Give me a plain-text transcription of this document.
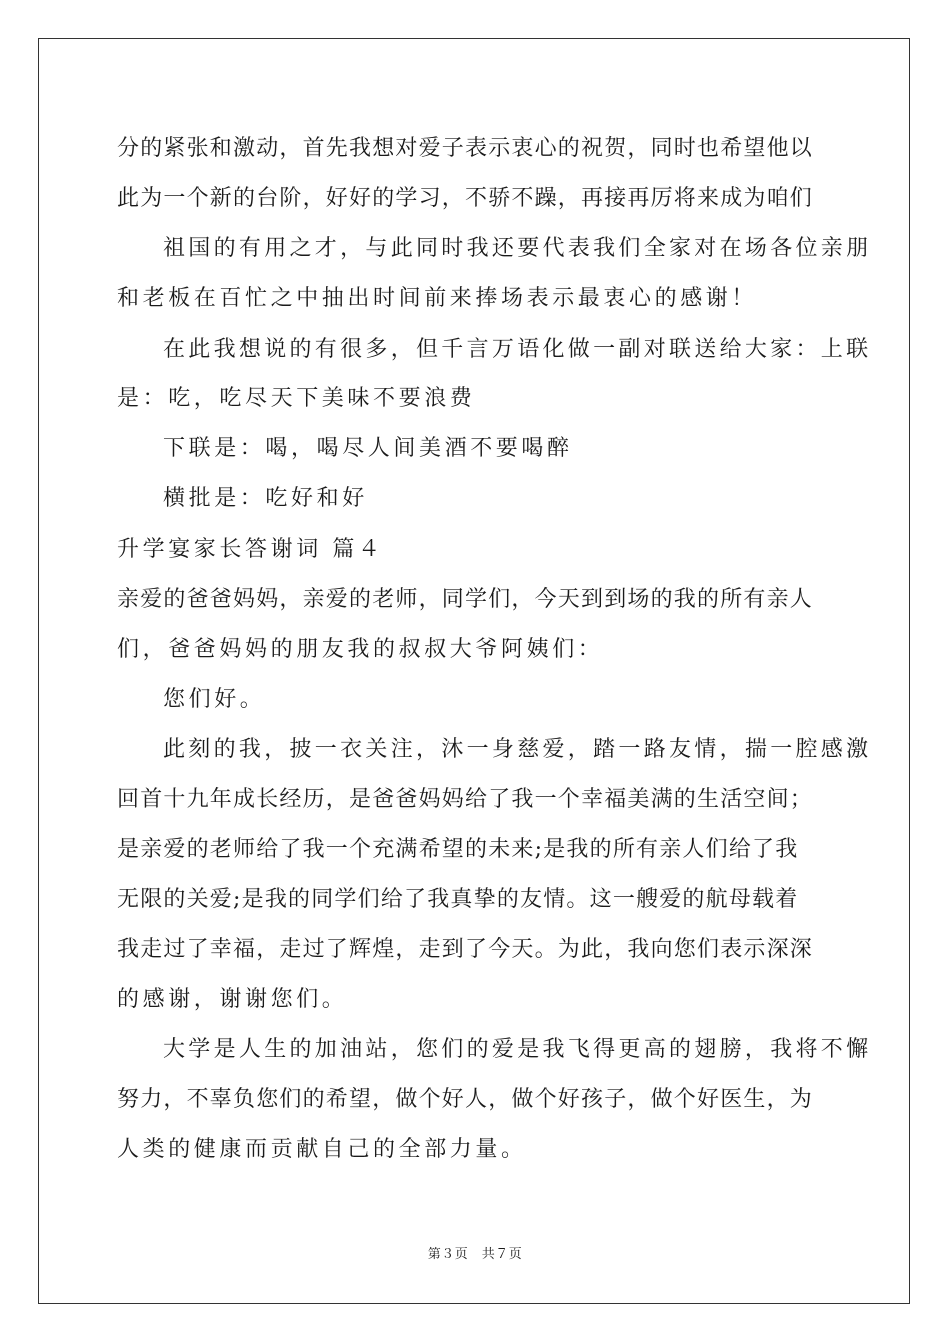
分的紧张和激动，首先我想对爱子表示衷心的祝贺，同时也希望他以
此为一个新的台阶，好好的学习，不骄不躁，再接再厉将来成为咱们
祖国的有用之才，与此同时我还要代表我们全家对在场各位亲朋
和老板在百忙之中抽出时间前来捧场表示最衷心的感谢！
在此我想说的有很多，但千言万语化做一副对联送给大家：上联
是：吃，吃尽天下美味不要浪费
下联是：喝，喝尽人间美酒不要喝醉
横批是：吃好和好
升学宴家长答谢词 篇４
亲爱的爸爸妈妈，亲爱的老师，同学们，今天到到场的我的所有亲人
们，爸爸妈妈的朋友我的叔叔大爷阿姨们：
您们好。
此刻的我，披一衣关注，沐一身慈爱，踏一路友情，揣一腔感激
回首十九年成长经历，是爸爸妈妈给了我一个幸福美满的生活空间；
是亲爱的老师给了我一个充满希望的未来;是我的所有亲人们给了我
无限的关爱;是我的同学们给了我真挚的友情。这一艘爱的航母载着
我走过了幸福，走过了辉煌，走到了今天。为此，我向您们表示深深
的感谢，谢谢您们。
大学是人生的加油站，您们的爱是我飞得更高的翅膀，我将不懈
努力，不辜负您们的希望，做个好人，做个好孩子，做个好医生，为
人类的健康而贡献自己的全部力量。
第３页　共７页
